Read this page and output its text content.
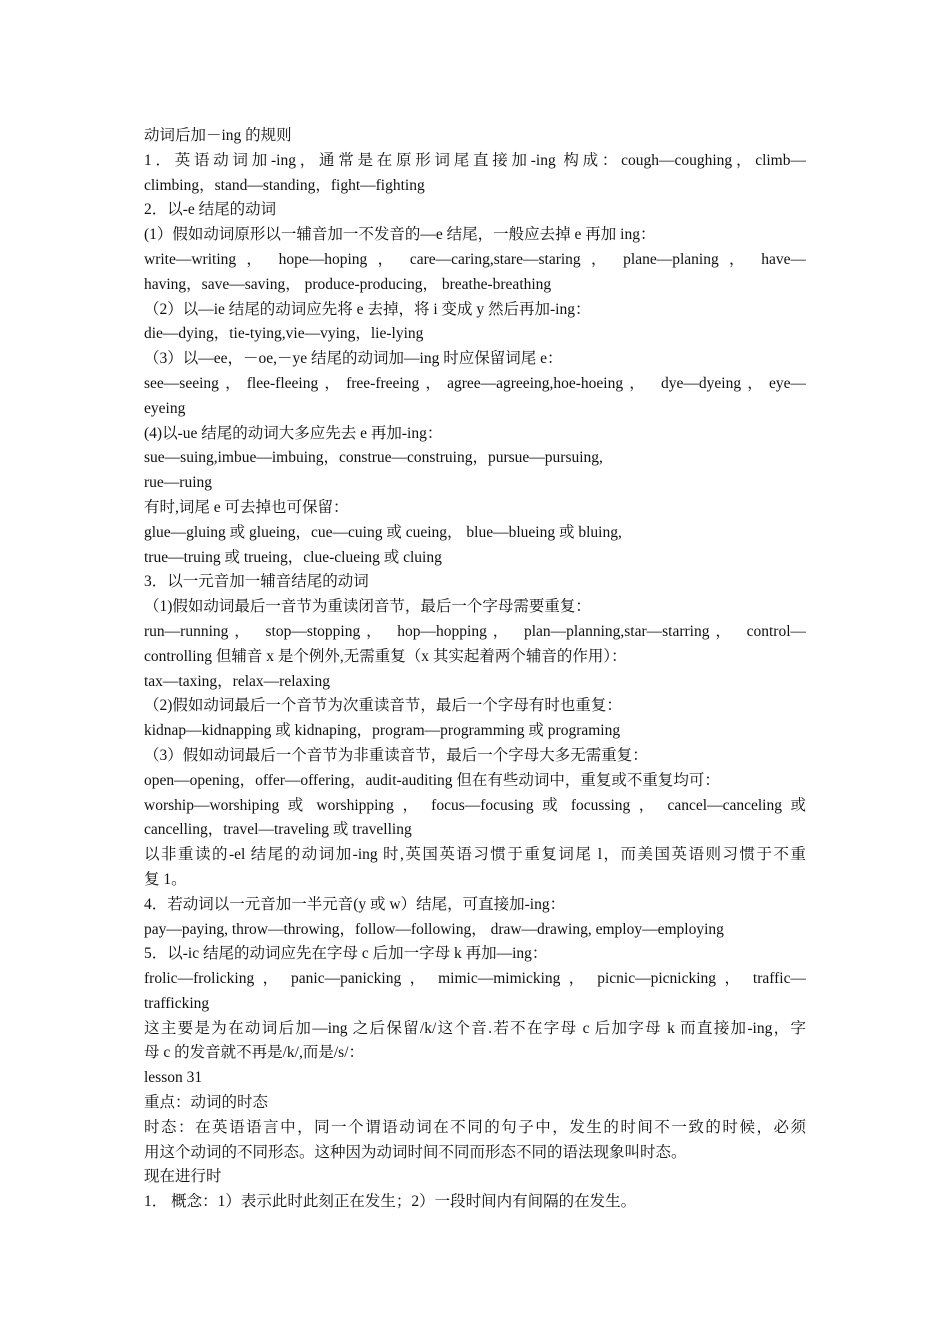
动词后加－ing 的规则
1．英语动词加-ing，通常是在原形词尾直接加-ing 构成：cough—coughing，climb—
climbing，stand—standing，fight—fighting
2．以-e 结尾的动词
(1）假如动词原形以一辅音加一不发音的—e 结尾，一般应去掉 e 再加 ing：
write—writing ， hope—hoping ， care—caring,stare—staring ， plane—planing ， have—
having，save—saving， produce-producing， breathe-breathing
（2）以—ie 结尾的动词应先将 e 去掉，将 i 变成 y 然后再加-ing：
die—dying，tie-tying,vie—vying，lie-lying
（3）以—ee，－oe,－ye 结尾的动词加—ing 时应保留词尾 e：
see—seeing，flee-fleeing，free-freeing，agree—agreeing,hoe-hoeing， dye—dyeing，eye—
eyeing
(4)以-ue 结尾的动词大多应先去 e 再加-ing：
sue—suing,imbue—imbuing，construe—construing，pursue—pursuing,
rue—ruing
有时,词尾 e 可去掉也可保留：
glue—gluing 或 glueing，cue—cuing 或 cueing， blue—blueing 或 bluing,
true—truing 或 trueing，clue-clueing 或 cluing
3．以一元音加一辅音结尾的动词
（1)假如动词最后一音节为重读闭音节，最后一个字母需要重复：
run—running， stop—stopping， hop—hopping， plan—planning,star—starring， control—
controlling 但辅音 x 是个例外,无需重复（x 其实起着两个辅音的作用）：
tax—taxing，relax—relaxing
（2)假如动词最后一个音节为次重读音节，最后一个字母有时也重复：
kidnap—kidnapping 或 kidnaping，program—programming 或 programing
（3）假如动词最后一个音节为非重读音节，最后一个字母大多无需重复：
open—opening，offer—offering，audit-auditing 但在有些动词中，重复或不重复均可：
worship—worshiping 或 worshipping ， focus—focusing 或 focussing ， cancel—canceling 或
cancelling，travel—traveling 或 travelling
以非重读的-el 结尾的动词加-ing 时,英国英语习惯于重复词尾 l，而美国英语则习惯于不重
复 1。
4．若动词以一元音加一半元音(y 或 w）结尾，可直接加-ing：
pay—paying, throw—throwing，follow—following， draw—drawing, employ—employing
5．以-ic 结尾的动词应先在字母 c 后加一字母 k 再加—ing：
frolic—frolicking ， panic—panicking ， mimic—mimicking ， picnic—picnicking ， traffic—
trafficking
这主要是为在动词后加—ing 之后保留/k/这个音.若不在字母 c 后加字母 k 而直接加-ing，字
母 c 的发音就不再是/k/,而是/s/：
lesson 31
重点：动词的时态
时态：在英语语言中，同一个谓语动词在不同的句子中，发生的时间不一致的时候，必须
用这个动词的不同形态。这种因为动词时间不同而形态不同的语法现象叫时态。
现在进行时
1． 概念：1）表示此时此刻正在发生；2）一段时间内有间隔的在发生。
